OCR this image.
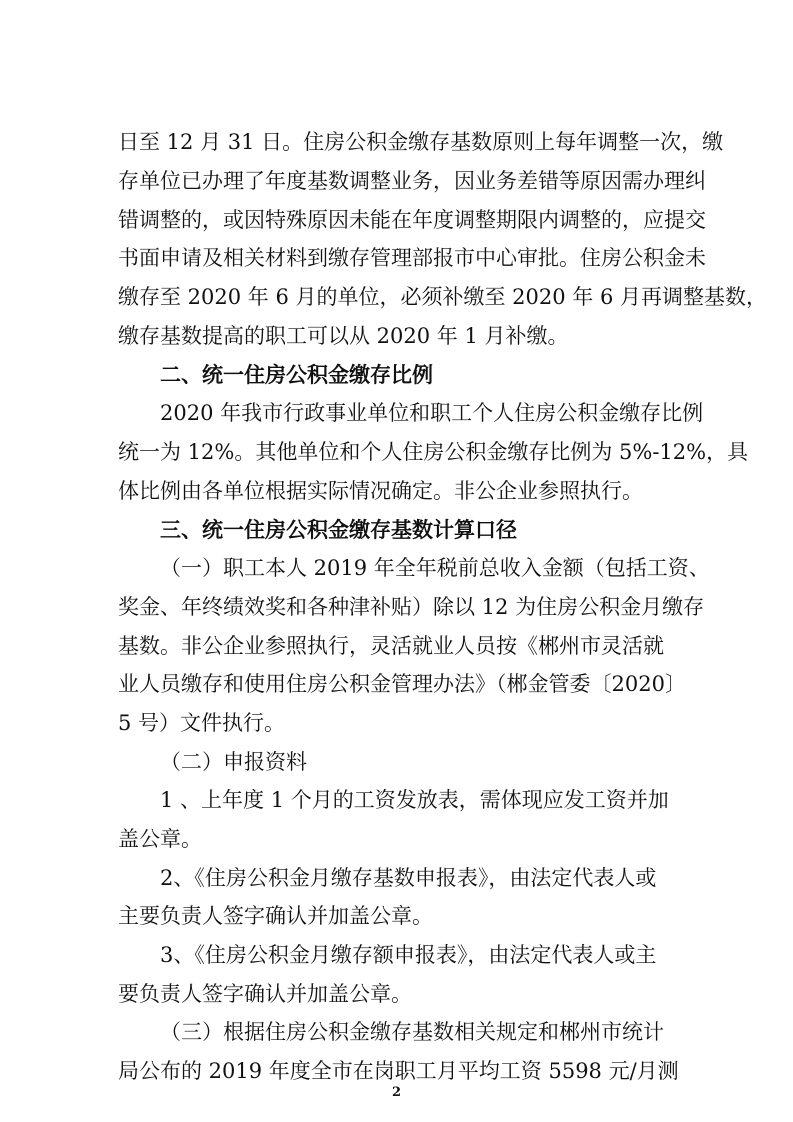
日至 12 月 31 日。住房公积金缴存基数原则上每年调整一次，缴
存单位已办理了年度基数调整业务，因业务差错等原因需办理纠
错调整的，或因特殊原因未能在年度调整期限内调整的，应提交
书面申请及相关材料到缴存管理部报市中心审批。住房公积金未
缴存至 2020 年 6 月的单位，必须补缴至 2020 年 6 月再调整基数，
缴存基数提高的职工可以从 2020 年 1 月补缴。
二、统一住房公积金缴存比例
2020 年我市行政事业单位和职工个人住房公积金缴存比例
统一为 12%。其他单位和个人住房公积金缴存比例为 5%-12%，具
体比例由各单位根据实际情况确定。非公企业参照执行。
三、统一住房公积金缴存基数计算口径
（一）职工本人 2019 年全年税前总收入金额（包括工资、
奖金、年终绩效奖和各种津补贴）除以 12 为住房公积金月缴存
基数。非公企业参照执行，灵活就业人员按《郴州市灵活就
业人员缴存和使用住房公积金管理办法》（郴金管委〔2020〕
5 号）文件执行。
（二）申报资料
1 、上年度 1 个月的工资发放表，需体现应发工资并加
盖公章。
2、《住房公积金月缴存基数申报表》，由法定代表人或
主要负责人签字确认并加盖公章。
3、《住房公积金月缴存额申报表》，由法定代表人或主
要负责人签字确认并加盖公章。
（三）根据住房公积金缴存基数相关规定和郴州市统计
局公布的 2019 年度全市在岗职工月平均工资 5598 元/月测
2
